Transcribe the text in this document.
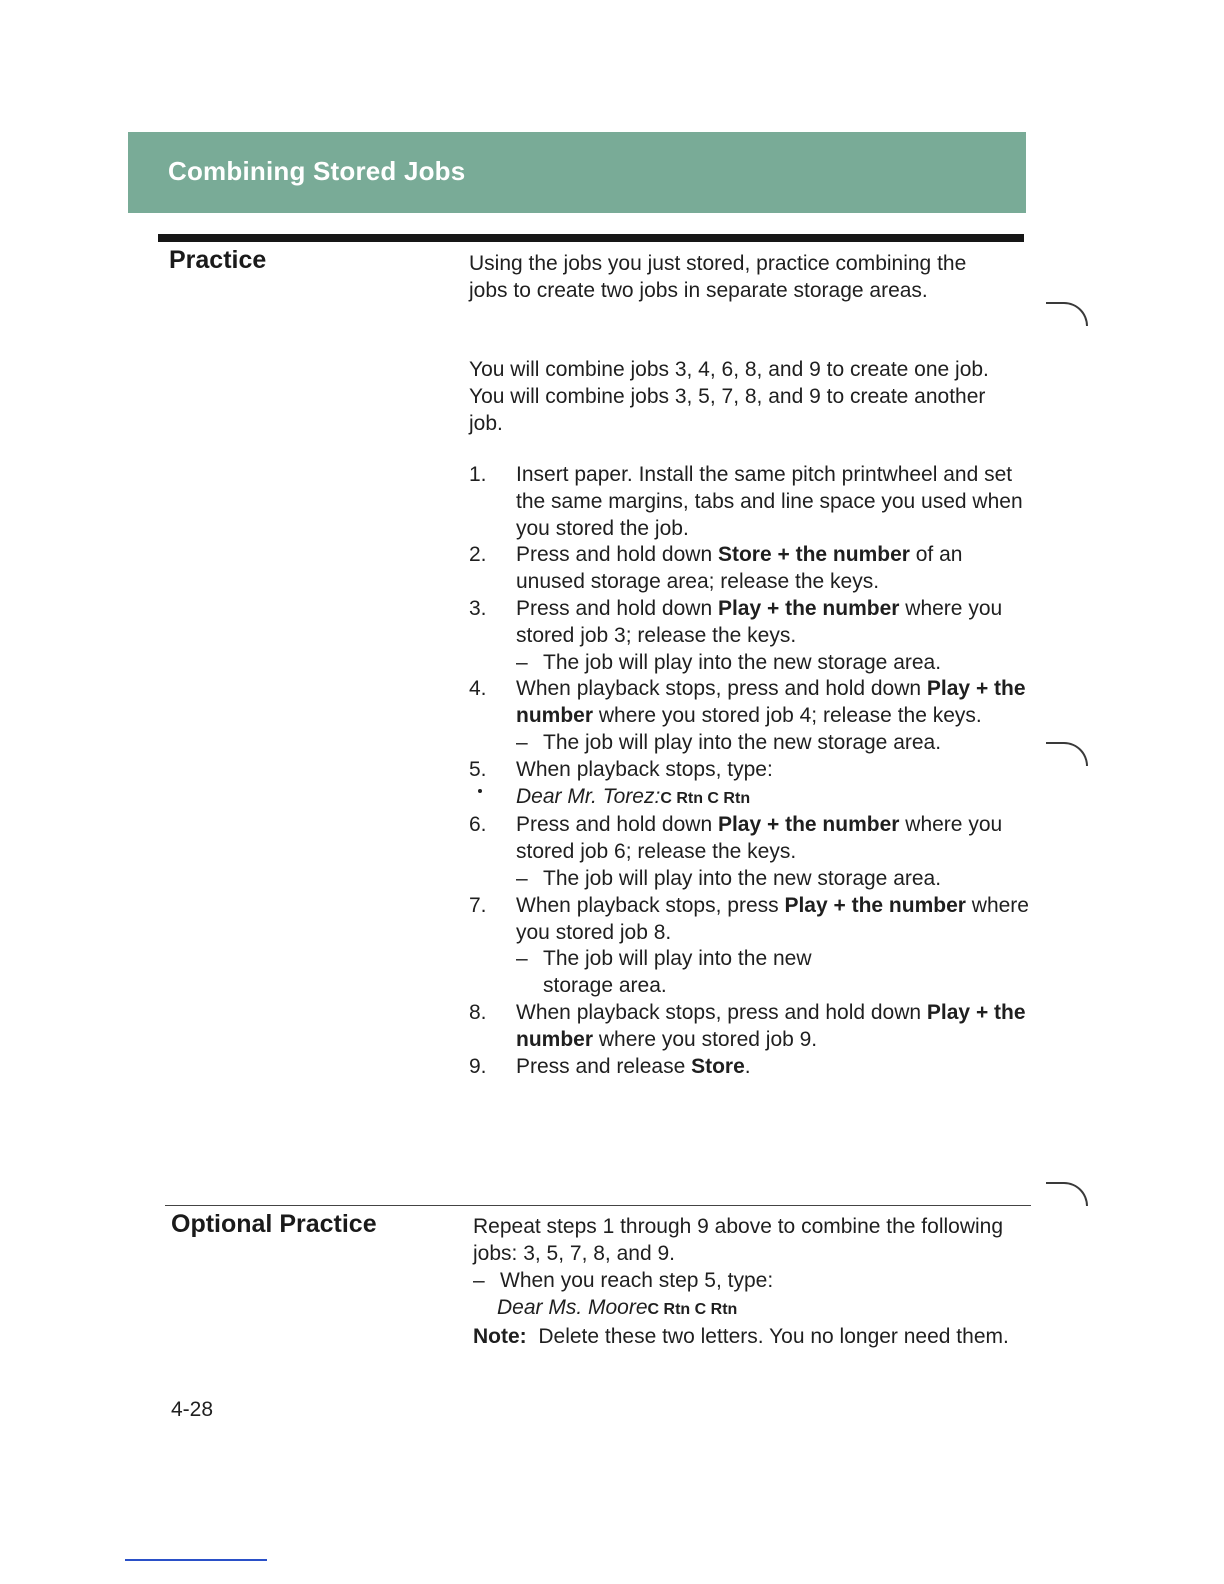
Combining Stored Jobs
Practice	Using the jobs you just stored, practice combining the jobs to create two jobs in separate storage areas.

You will combine jobs 3, 4, 6, 8, and 9 to create one job. You will combine jobs 3, 5, 7, 8, and 9 to create another job.

1. Insert paper. Install the same pitch printwheel and set the same margins, tabs and line space you used when you stored the job.
2. Press and hold down Store + the number of an unused storage area; release the keys.
3. Press and hold down Play + the number where you stored job 3; release the keys.
– The job will play into the new storage area.
4. When playback stops, press and hold down Play + the number where you stored job 4; release the keys.
– The job will play into the new storage area.
5. When playback stops, type:
Dear Mr. Torez:C Rtn C Rtn
6. Press and hold down Play + the number where you stored job 6; release the keys.
– The job will play into the new storage area.
7. When playback stops, press Play + the number where you stored job 8.
– The job will play into the new storage area.
8. When playback stops, press and hold down Play + the number where you stored job 9.
9. Press and release Store.
Optional Practice	Repeat steps 1 through 9 above to combine the following jobs: 3, 5, 7, 8, and 9.
– When you reach step 5, type:
Dear Ms. MooreC Rtn C Rtn
Note: Delete these two letters. You no longer need them.
4-28
